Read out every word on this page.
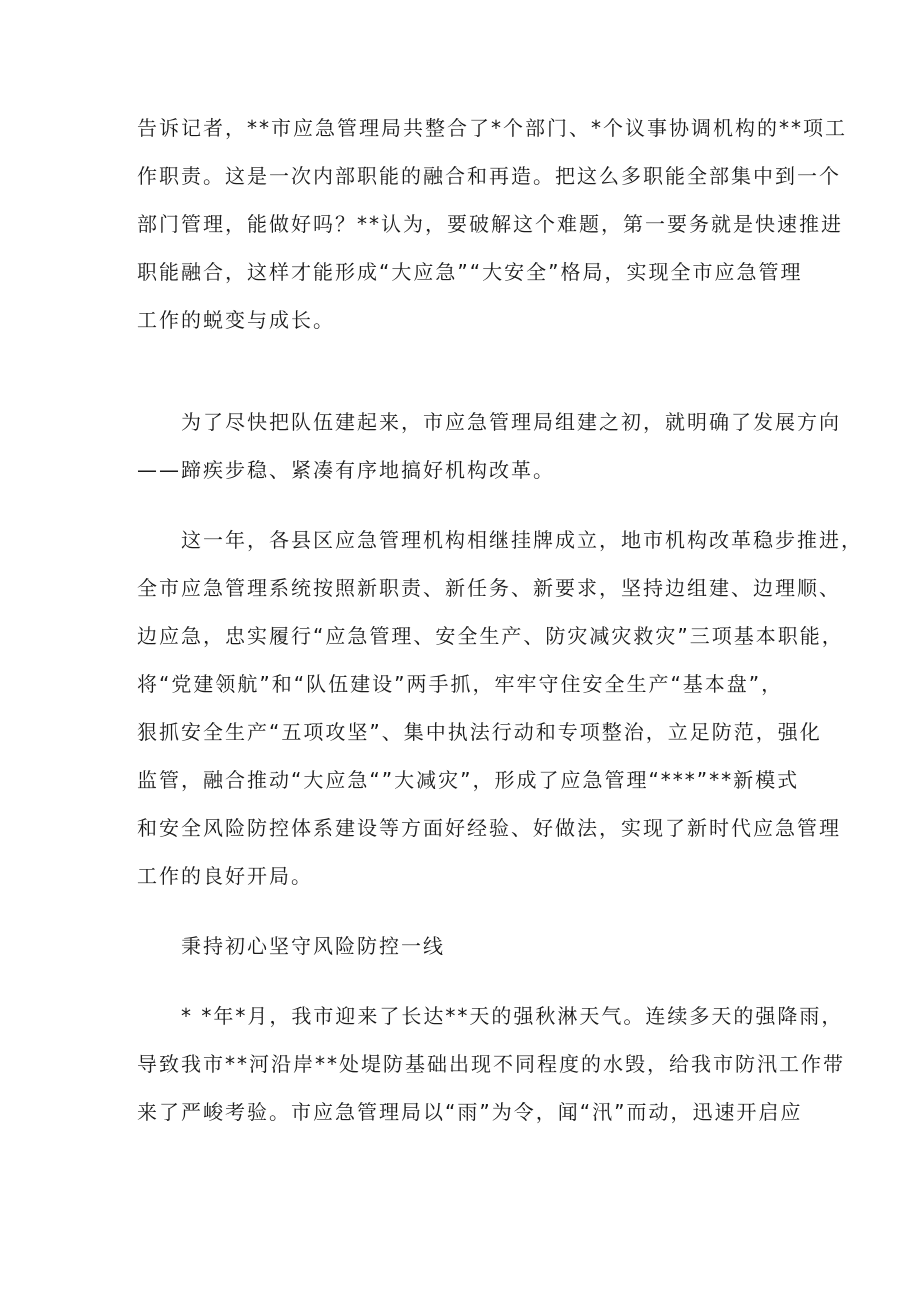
告诉记者，**市应急管理局共整合了*个部门、*个议事协调机构的**项工
作职责。这是一次内部职能的融合和再造。把这么多职能全部集中到一个
部门管理，能做好吗？**认为，要破解这个难题，第一要务就是快速推进
职能融合，这样才能形成“大应急”“大安全”格局，实现全市应急管理
工作的蜕变与成长。
为了尽快把队伍建起来，市应急管理局组建之初，就明确了发展方向
——蹄疾步稳、紧凑有序地搞好机构改革。
这一年，各县区应急管理机构相继挂牌成立，地市机构改革稳步推进，
全市应急管理系统按照新职责、新任务、新要求，坚持边组建、边理顺、
边应急，忠实履行“应急管理、安全生产、防灾减灾救灾”三项基本职能，
将“党建领航”和“队伍建设”两手抓，牢牢守住安全生产“基本盘”，
狠抓安全生产“五项攻坚”、集中执法行动和专项整治，立足防范，强化
监管，融合推动“大应急“”大减灾”，形成了应急管理“***”**新模式
和安全风险防控体系建设等方面好经验、好做法，实现了新时代应急管理
工作的良好开局。
秉持初心坚守风险防控一线
* *年*月，我市迎来了长达**天的强秋淋天气。连续多天的强降雨，
导致我市**河沿岸**处堤防基础出现不同程度的水毁，给我市防汛工作带
来了严峻考验。市应急管理局以“雨”为令，闻“汛”而动，迅速开启应
